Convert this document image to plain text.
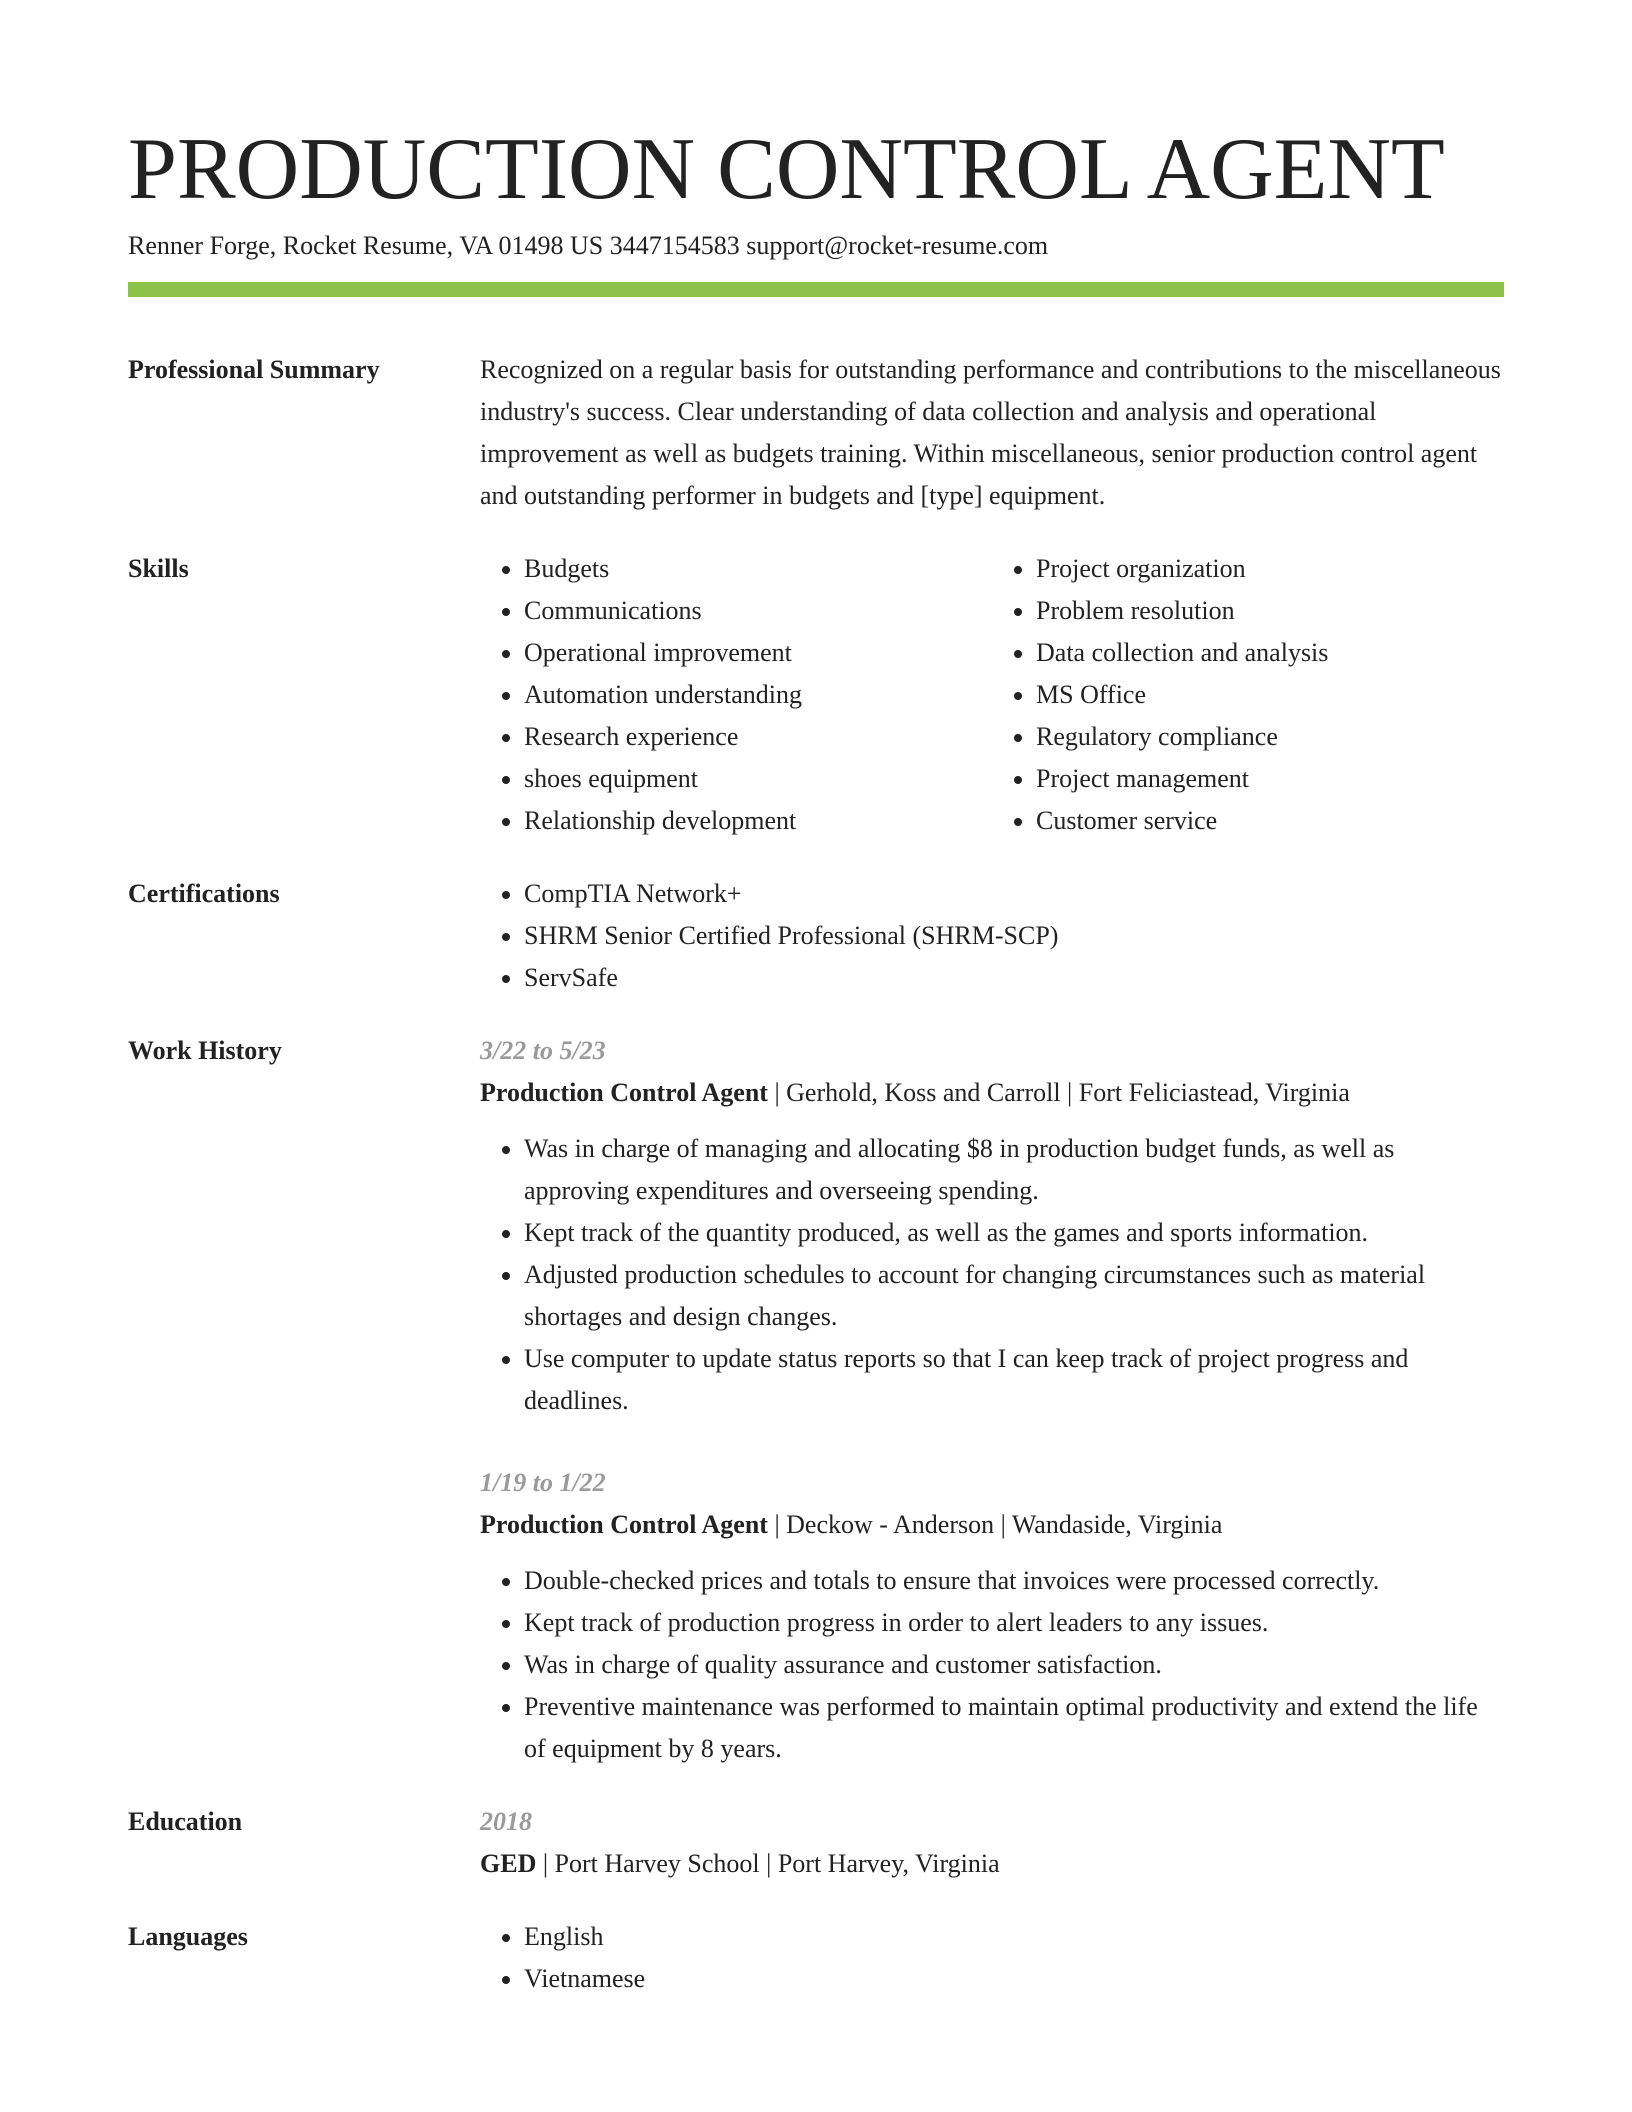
PRODUCTION CONTROL AGENT
Renner Forge, Rocket Resume, VA 01498 US 3447154583 support@rocket-resume.com
Professional Summary	Recognized on a regular basis for outstanding performance and contributions to the miscellaneous industry's success. Clear understanding of data collection and analysis and operational improvement as well as budgets training. Within miscellaneous, senior production control agent and outstanding performer in budgets and [type] equipment.

Skills	• Budgets
• Communications
• Operational improvement
• Automation understanding
• Research experience
• shoes equipment
• Relationship development
• Project organization
• Problem resolution
• Data collection and analysis
• MS Office
• Regulatory compliance
• Project management
• Customer service
Certifications	• CompTIA Network+
• SHRM Senior Certified Professional (SHRM-SCP)
• ServSafe
Work History	3/22 to 5/23
Production Control Agent | Gerhold, Koss and Carroll | Fort Feliciastead, Virginia
• Was in charge of managing and allocating $8 in production budget funds, as well as approving expenditures and overseeing spending.
• Kept track of the quantity produced, as well as the games and sports information.
• Adjusted production schedules to account for changing circumstances such as material shortages and design changes.
• Use computer to update status reports so that I can keep track of project progress and deadlines.
1/19 to 1/22
Production Control Agent | Deckow - Anderson | Wandaside, Virginia
• Double-checked prices and totals to ensure that invoices were processed correctly.
• Kept track of production progress in order to alert leaders to any issues.
• Was in charge of quality assurance and customer satisfaction.
• Preventive maintenance was performed to maintain optimal productivity and extend the life of equipment by 8 years.
Education	2018
GED | Port Harvey School | Port Harvey, Virginia
Languages	• English
• Vietnamese
